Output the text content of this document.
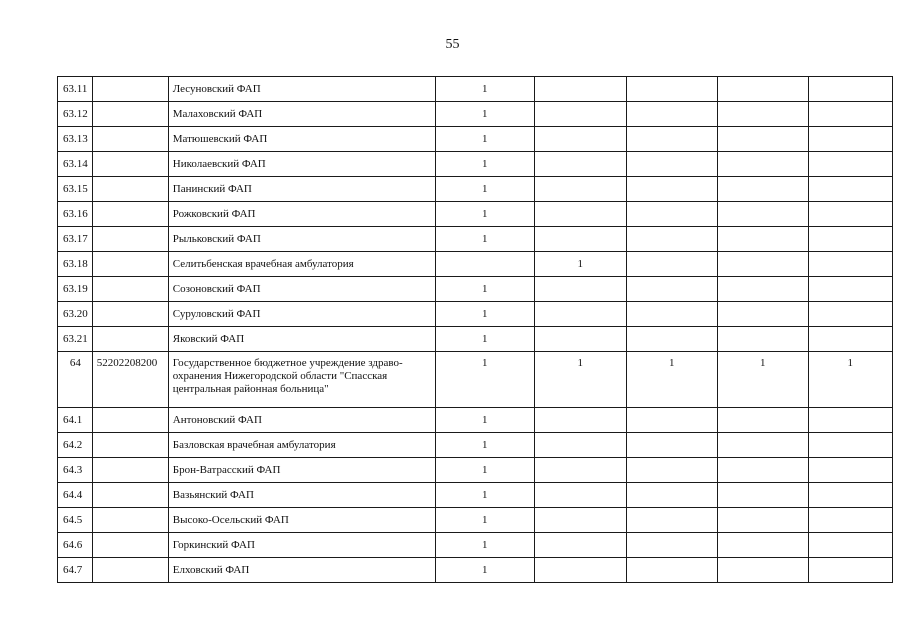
55
63.11		Лесуновский ФАП	1				
63.12		Малаховский ФАП	1				
63.13		Матюшевский ФАП	1				
63.14		Николаевский ФАП	1				
63.15		Панинский ФАП	1				
63.16		Рожковский ФАП	1				
63.17		Рыльковский ФАП	1				
63.18		Селитьбенская врачебная амбулатория		1			
63.19		Созоновский ФАП	1				
63.20		Суруловский ФАП	1				
63.21		Яковский ФАП	1				
64	52202208200	Государственное бюджетное учреждение здраво-охранения Нижегородской области "Спасская центральная районная больница"	1	1	1	1	1
64.1		Антоновский ФАП	1				
64.2		Базловская врачебная амбулатория	1				
64.3		Брон-Ватрасский ФАП	1				
64.4		Вазьянский ФАП	1				
64.5		Высоко-Осельский ФАП	1				
64.6		Горкинский ФАП	1				
64.7		Елховский ФАП	1				
